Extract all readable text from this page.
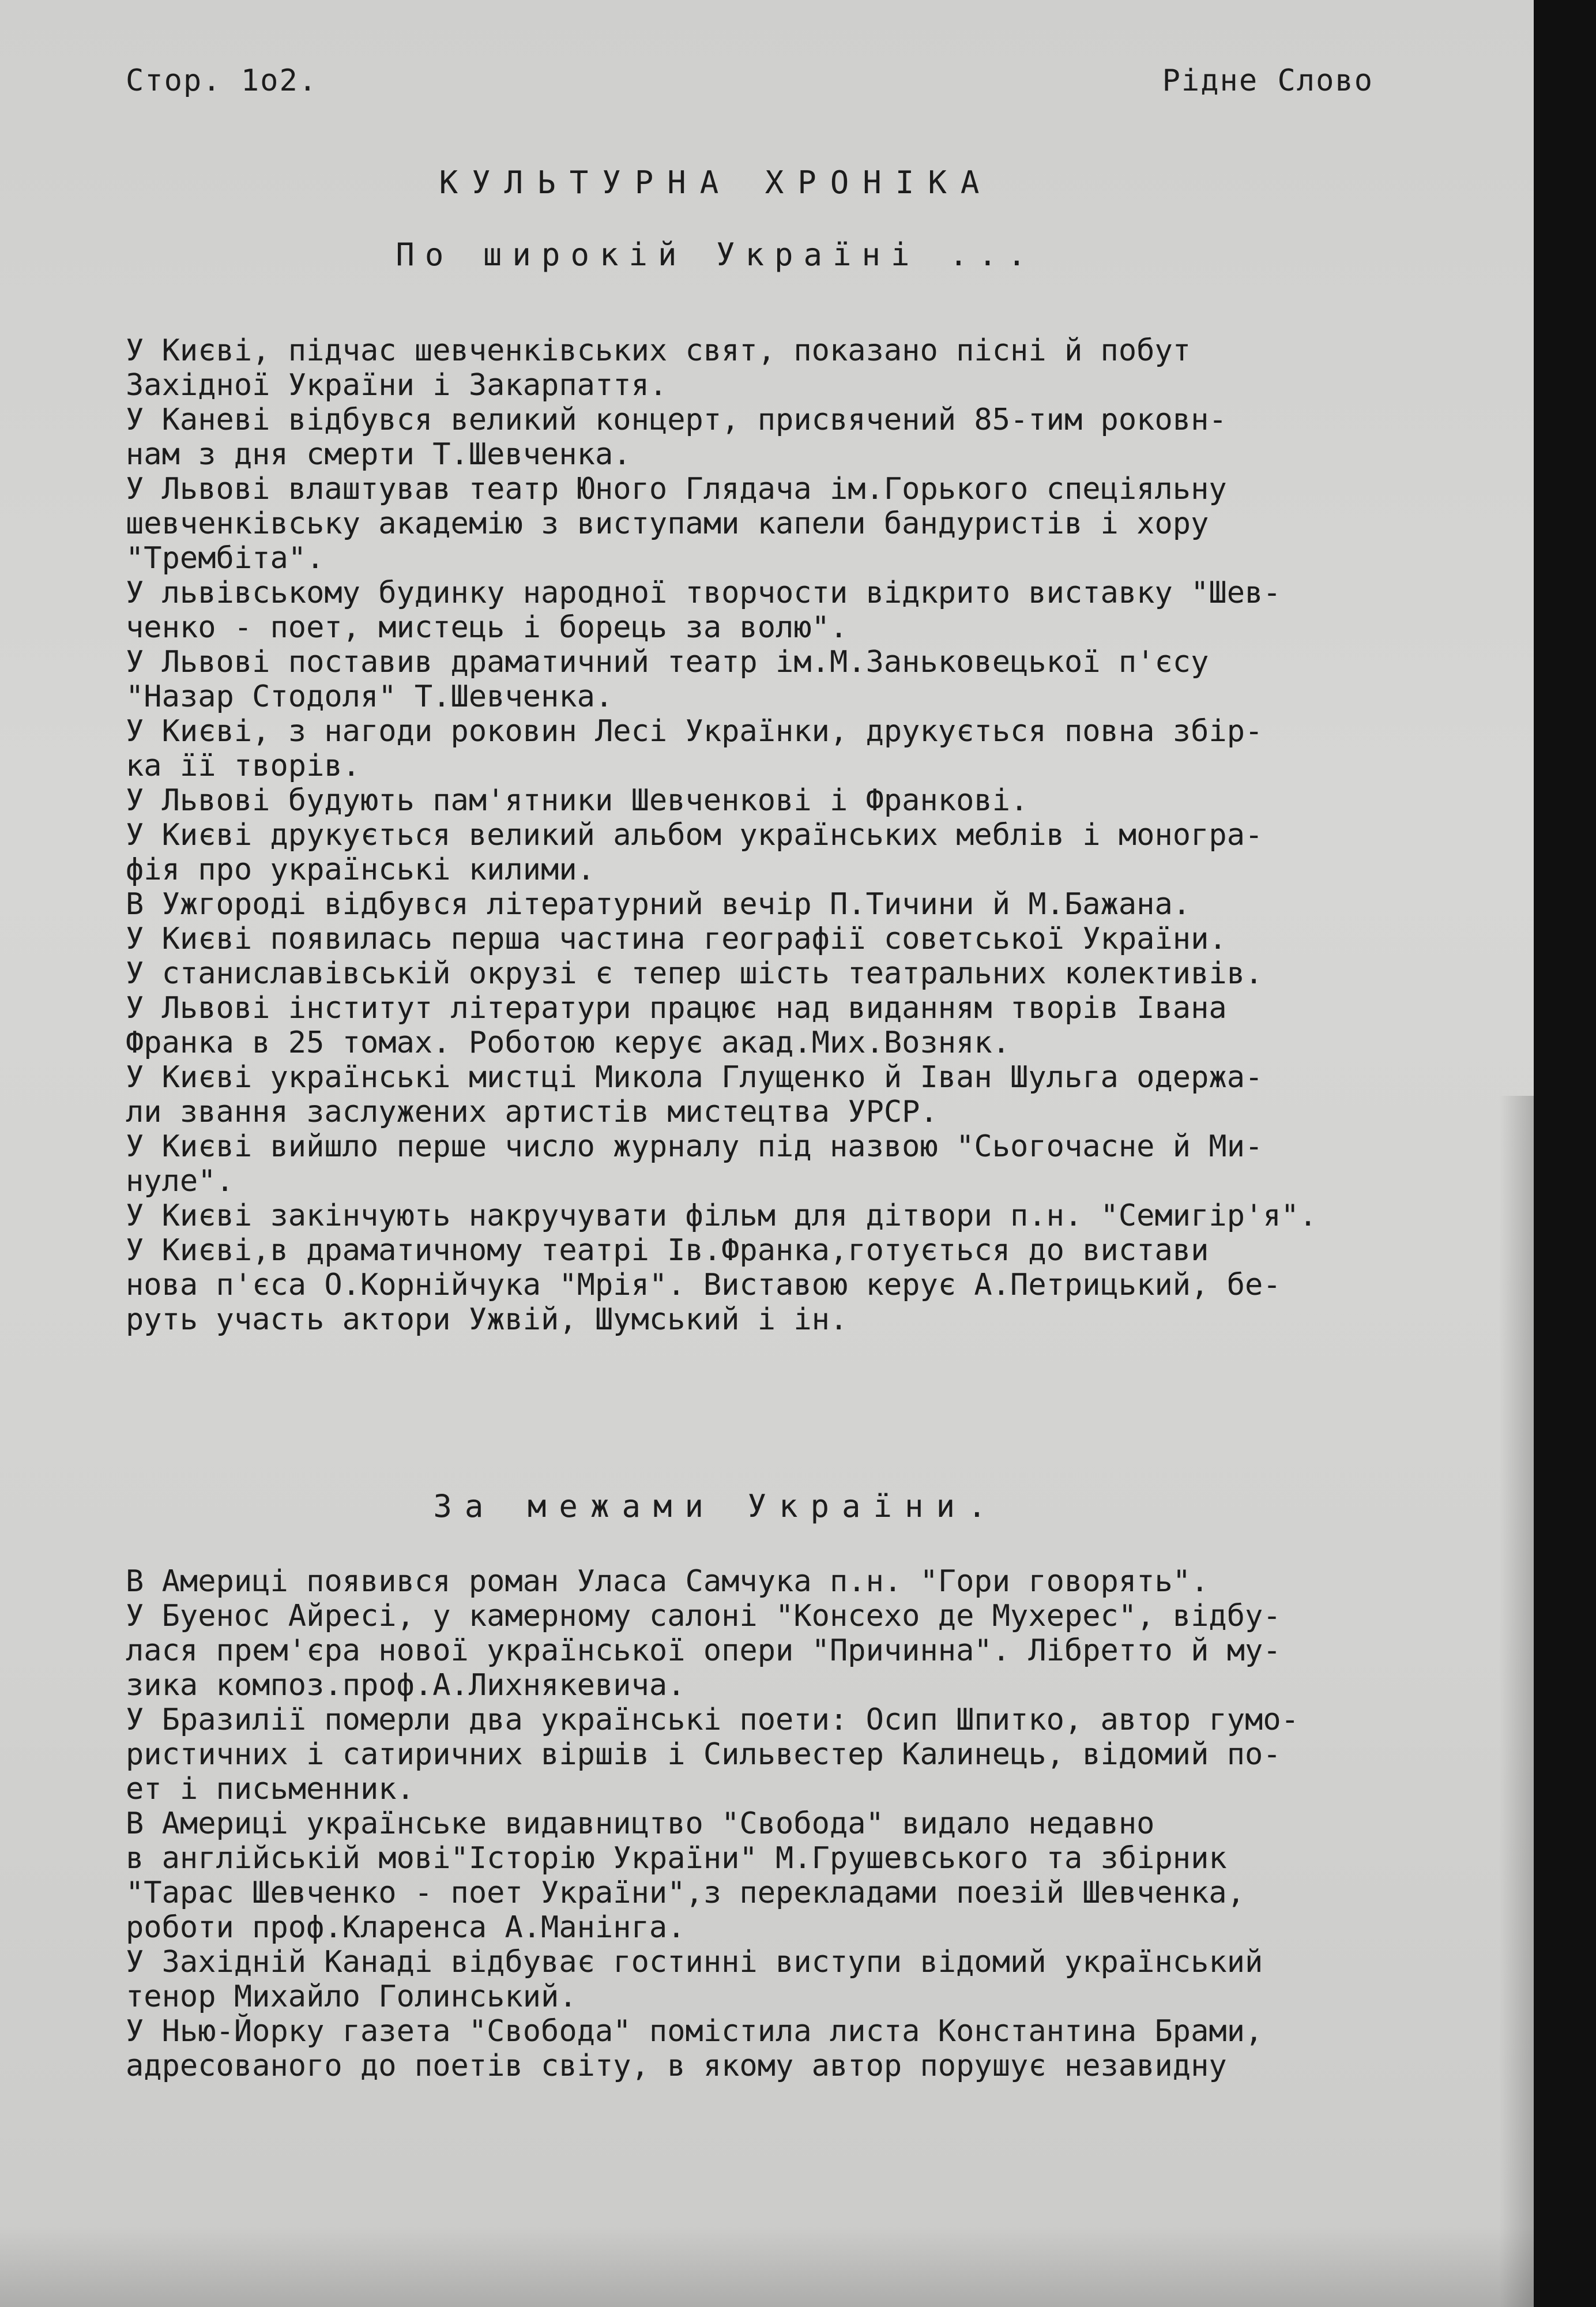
Стор. 1о2.	Рідне Слово
КУЛЬТУРНА ХРОНІКА
По широкій Україні ...
У Києві, підчас шевченківських свят, показано пісні й побут
Західної України і Закарпаття.
У Каневі відбувся великий концерт, присвячений 85-тим роковн-
нам з дня смерти Т.Шевченка.
У Львові влаштував театр Юного Глядача ім.Горького спеціяльну
шевченківську академію з виступами капели бандуристів і хору
"Трембіта".
У львівському будинку народної творчости відкрито виставку "Шев-
ченко - поет, мистець і борець за волю".
У Львові поставив драматичний театр ім.М.Заньковецької п'єсу
"Назар Стодоля" Т.Шевченка.
У Києві, з нагоди роковин Лесі Українки, друкується повна збір-
ка її творів.
У Львові будують пам'ятники Шевченкові і Франкові.
У Києві друкується великий альбом українських меблів і моногра-
фія про українські килими.
В Ужгороді відбувся літературний вечір П.Тичини й М.Бажана.
У Києві появилась перша частина географії советської України.
У станиславівській окрузі є тепер шість театральних колективів.
У Львові інститут літератури працює над виданням творів Івана
Франка в 25 томах. Роботою керує акад.Мих.Возняк.
У Києві українські мистці Микола Глущенко й Іван Шульга одержа-
ли звання заслужених артистів мистецтва УРСР.
У Києві вийшло перше число журналу під назвою "Сьогочасне й Ми-
нуле".
У Києві закінчують накручувати фільм для дітвори п.н. "Семигір'я".
У Києві,в драматичному театрі Ів.Франка,готується до вистави
нова п'єса О.Корнійчука "Мрія". Виставою керує А.Петрицький, бе-
руть участь актори Ужвій, Шумський і ін.
За межами України.
В Америці появився роман Уласа Самчука п.н. "Гори говорять".
У Буенос Айресі, у камерному салоні "Консехо де Мухерес", відбу-
лася прем'єра нової української опери "Причинна". Лібретто й му-
зика композ.проф.А.Лихнякевича.
У Бразилії померли два українські поети: Осип Шпитко, автор гумо-
ристичних і сатиричних віршів і Сильвестер Калинець, відомий по-
ет і письменник.
В Америці українське видавництво "Свобода" видало недавно
в англійській мові"Історію України" М.Грушевського та збірник
"Тарас Шевченко - поет України",з перекладами поезій Шевченка,
роботи проф.Кларенса А.Манінга.
У Західній Канаді відбуває гостинні виступи відомий український
тенор Михайло Голинський.
У Нью-Йорку газета "Свобода" помістила листа Константина Брами,
адресованого до поетів світу, в якому автор порушує незавидну
